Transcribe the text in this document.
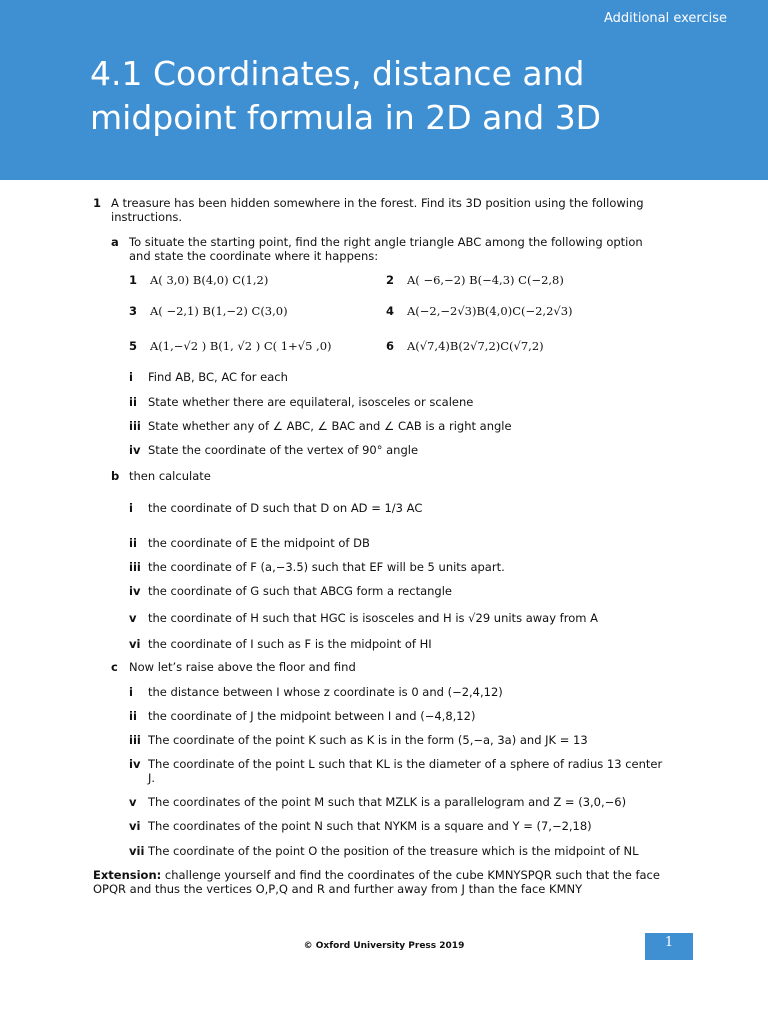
Additional exercise
4.1 Coordinates, distance and
midpoint formula in 2D and 3D
1 A treasure has been hidden somewhere in the forest. Find its 3D position using the following
instructions.
a To situate the starting point, find the right angle triangle ABC among the following option
and state the coordinate where it happens:
1 A( 3,0) B(4,0) C(1,2)	2 A( −6,−2) B(−4,3) C(−2,8)
3 A( −2,1) B(1,−2) C(3,0)	4 A(−2,−2√3)B(4,0)C(−2,2√3)
5 A(1,−√2 ) B(1, √2 ) C( 1+√5 ,0)	6 A(√7,4)B(2√7,2)C(√7,2)
i Find AB, BC, AC for each
ii State whether there are equilateral, isosceles or scalene
iii State whether any of ∠ ABC, ∠ BAC and ∠ CAB is a right angle
iv State the coordinate of the vertex of 90° angle
b then calculate
i the coordinate of D such that D on AD = 1/3 AC
ii the coordinate of E the midpoint of DB
iii the coordinate of F (a,−3.5) such that EF will be 5 units apart.
iv the coordinate of G such that ABCG form a rectangle
v the coordinate of H such that HGC is isosceles and H is √29 units away from A
vi the coordinate of I such as F is the midpoint of HI
c Now let’s raise above the floor and find
i the distance between I whose z coordinate is 0 and (−2,4,12)
ii the coordinate of J the midpoint between I and (−4,8,12)
iii The coordinate of the point K such as K is in the form (5,−a, 3a) and JK = 13
iv The coordinate of the point L such that KL is the diameter of a sphere of radius 13 center
J.
v The coordinates of the point M such that MZLK is a parallelogram and Z = (3,0,−6)
vi The coordinates of the point N such that NYKM is a square and Y = (7,−2,18)
vii The coordinate of the point O the position of the treasure which is the midpoint of NL
Extension: challenge yourself and find the coordinates of the cube KMNYSPQR such that the face
OPQR and thus the vertices O,P,Q and R and further away from J than the face KMNY
© Oxford University Press 2019	1
